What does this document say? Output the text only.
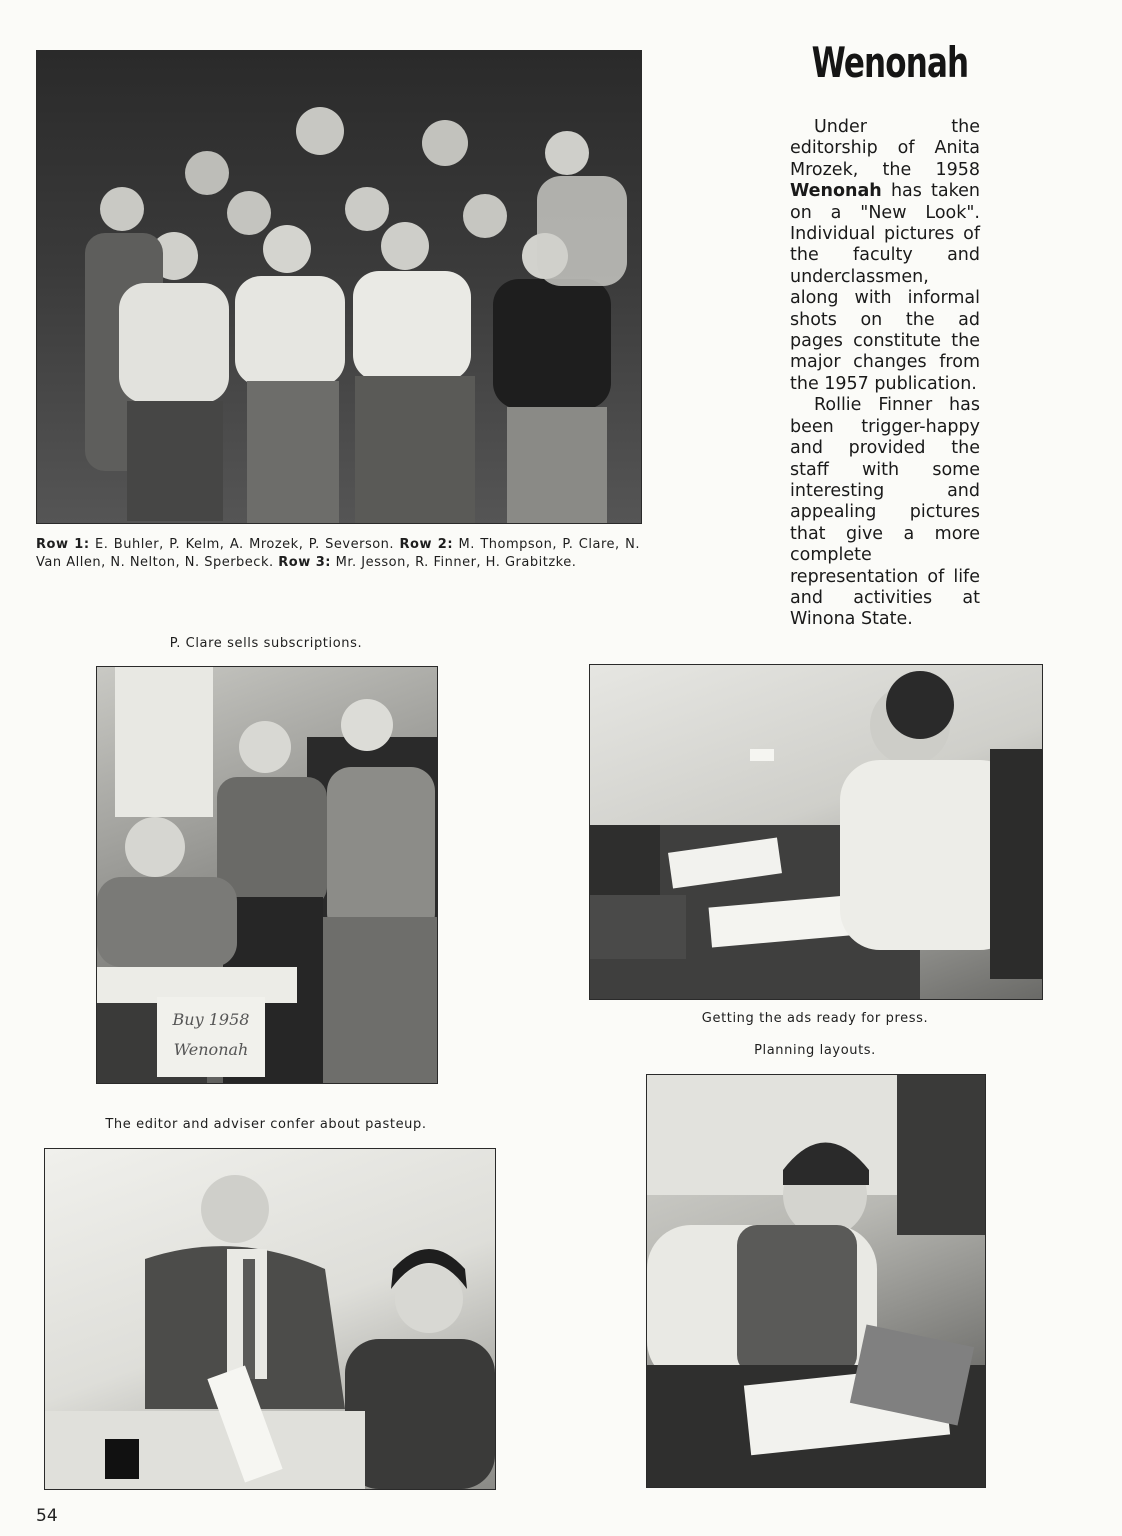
Wenonah

Under the editorship of Anita Mrozek, the 1958 Wenonah has taken on a "New Look". Individual pictures of the faculty and underclassmen, along with informal shots on the ad pages constitute the major changes from the 1957 publication.

Rollie Finner has been trigger-happy and provided the staff with some interesting and appealing pictures that give a more complete representation of life and activities at Winona State.

Row 1: E. Buhler, P. Kelm, A. Mrozek, P. Severson. Row 2: M. Thompson, P. Clare, N. Van Allen, N. Nelton, N. Sperbeck. Row 3: Mr. Jesson, R. Finner, H. Grabitzke.
P. Clare sells subscriptions.
Buy 1958
Wenonah
Getting the ads ready for press.
Planning layouts.
The editor and adviser confer about pasteup.
54
